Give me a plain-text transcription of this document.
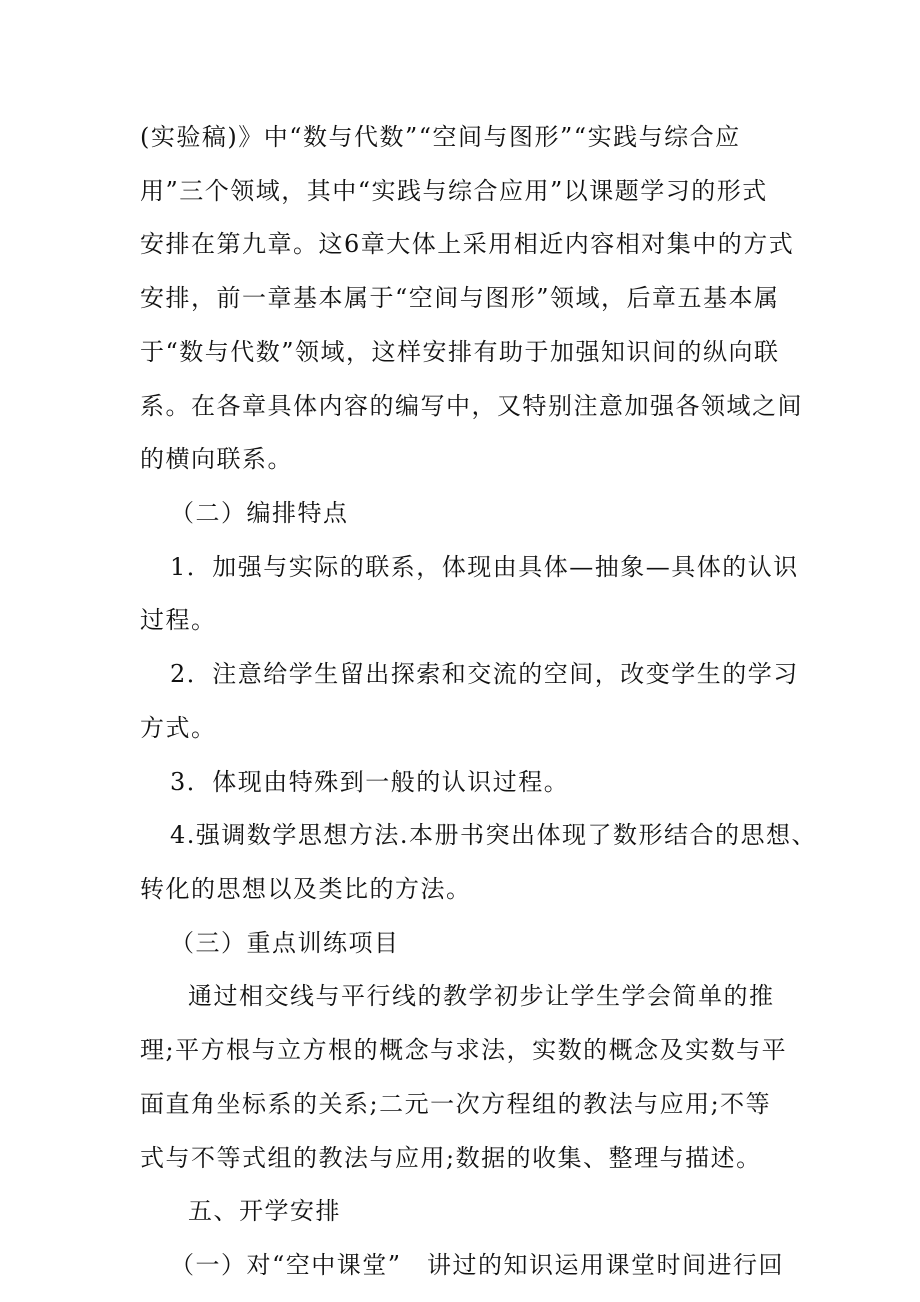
(实验稿)》中“数与代数”“空间与图形”“实践与综合应
用”三个领域，其中“实践与综合应用”以课题学习的形式
安排在第九章。这6章大体上采用相近内容相对集中的方式
安排，前一章基本属于“空间与图形”领域，后章五基本属
于“数与代数”领域，这样安排有助于加强知识间的纵向联
系。在各章具体内容的编写中，又特别注意加强各领域之间
的横向联系。
（二）编排特点
1．加强与实际的联系，体现由具体—抽象—具体的认识
过程。
2．注意给学生留出探索和交流的空间，改变学生的学习
方式。
3．体现由特殊到一般的认识过程。
4.强调数学思想方法.本册书突出体现了数形结合的思想、
转化的思想以及类比的方法。
（三）重点训练项目
通过相交线与平行线的教学初步让学生学会简单的推
理;平方根与立方根的概念与求法，实数的概念及实数与平
面直角坐标系的关系;二元一次方程组的教法与应用;不等
式与不等式组的教法与应用;数据的收集、整理与描述。
五、开学安排
（一）对“空中课堂”　讲过的知识运用课堂时间进行回
